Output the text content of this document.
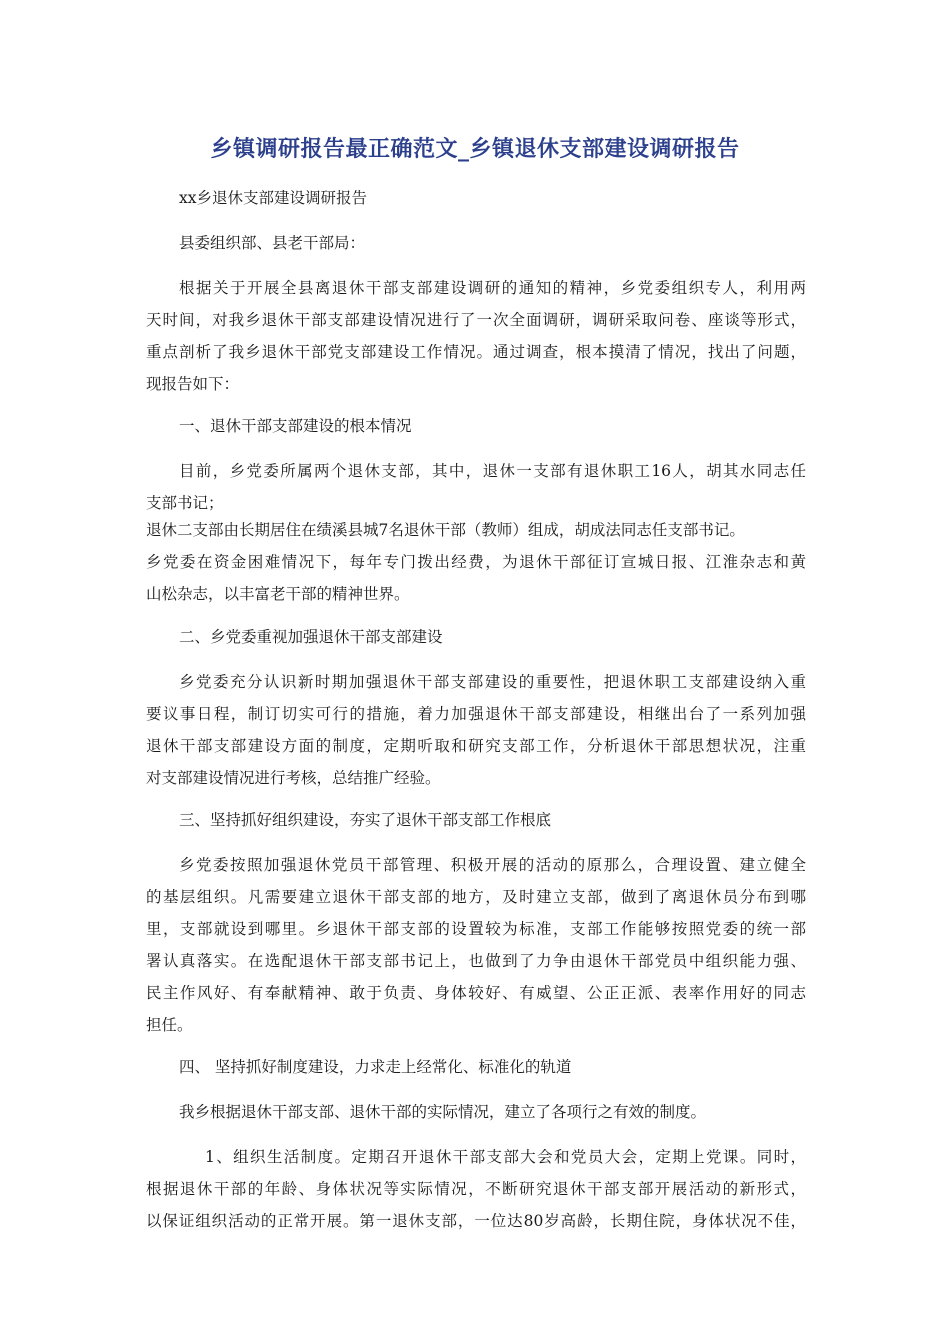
乡镇调研报告最正确范文_乡镇退休支部建设调研报告
xx乡退休支部建设调研报告
县委组织部、县老干部局：
根据关于开展全县离退休干部支部建设调研的通知的精神，乡党委组织专人，利用两
天时间，对我乡退休干部支部建设情况进行了一次全面调研，调研采取问卷、座谈等形式，
重点剖析了我乡退休干部党支部建设工作情况。通过调查，根本摸清了情况，找出了问题，
现报告如下：
一、退休干部支部建设的根本情况
目前，乡党委所属两个退休支部，其中，退休一支部有退休职工16人，胡其水同志任
支部书记；
退休二支部由长期居住在绩溪县城7名退休干部（教师）组成，胡成法同志任支部书记。
乡党委在资金困难情况下，每年专门拨出经费，为退休干部征订宣城日报、江淮杂志和黄
山松杂志，以丰富老干部的精神世界。
二、乡党委重视加强退休干部支部建设
乡党委充分认识新时期加强退休干部支部建设的重要性，把退休职工支部建设纳入重
要议事日程，制订切实可行的措施，着力加强退休干部支部建设，相继出台了一系列加强
退休干部支部建设方面的制度，定期听取和研究支部工作，分析退休干部思想状况，注重
对支部建设情况进行考核，总结推广经验。
三、坚持抓好组织建设，夯实了退休干部支部工作根底
乡党委按照加强退休党员干部管理、积极开展的活动的原那么，合理设置、建立健全
的基层组织。凡需要建立退休干部支部的地方，及时建立支部，做到了离退休员分布到哪
里，支部就设到哪里。乡退休干部支部的设置较为标准，支部工作能够按照党委的统一部
署认真落实。在选配退休干部支部书记上，也做到了力争由退休干部党员中组织能力强、
民主作风好、有奉献精神、敢于负责、身体较好、有威望、公正正派、表率作用好的同志
担任。
四、 坚持抓好制度建设，力求走上经常化、标准化的轨道
我乡根据退休干部支部、退休干部的实际情况，建立了各项行之有效的制度。
1、组织生活制度。定期召开退休干部支部大会和党员大会，定期上党课。同时，
根据退休干部的年龄、身体状况等实际情况，不断研究退休干部支部开展活动的新形式，
以保证组织活动的正常开展。第一退休支部，一位达80岁高龄，长期住院，身体状况不佳，
